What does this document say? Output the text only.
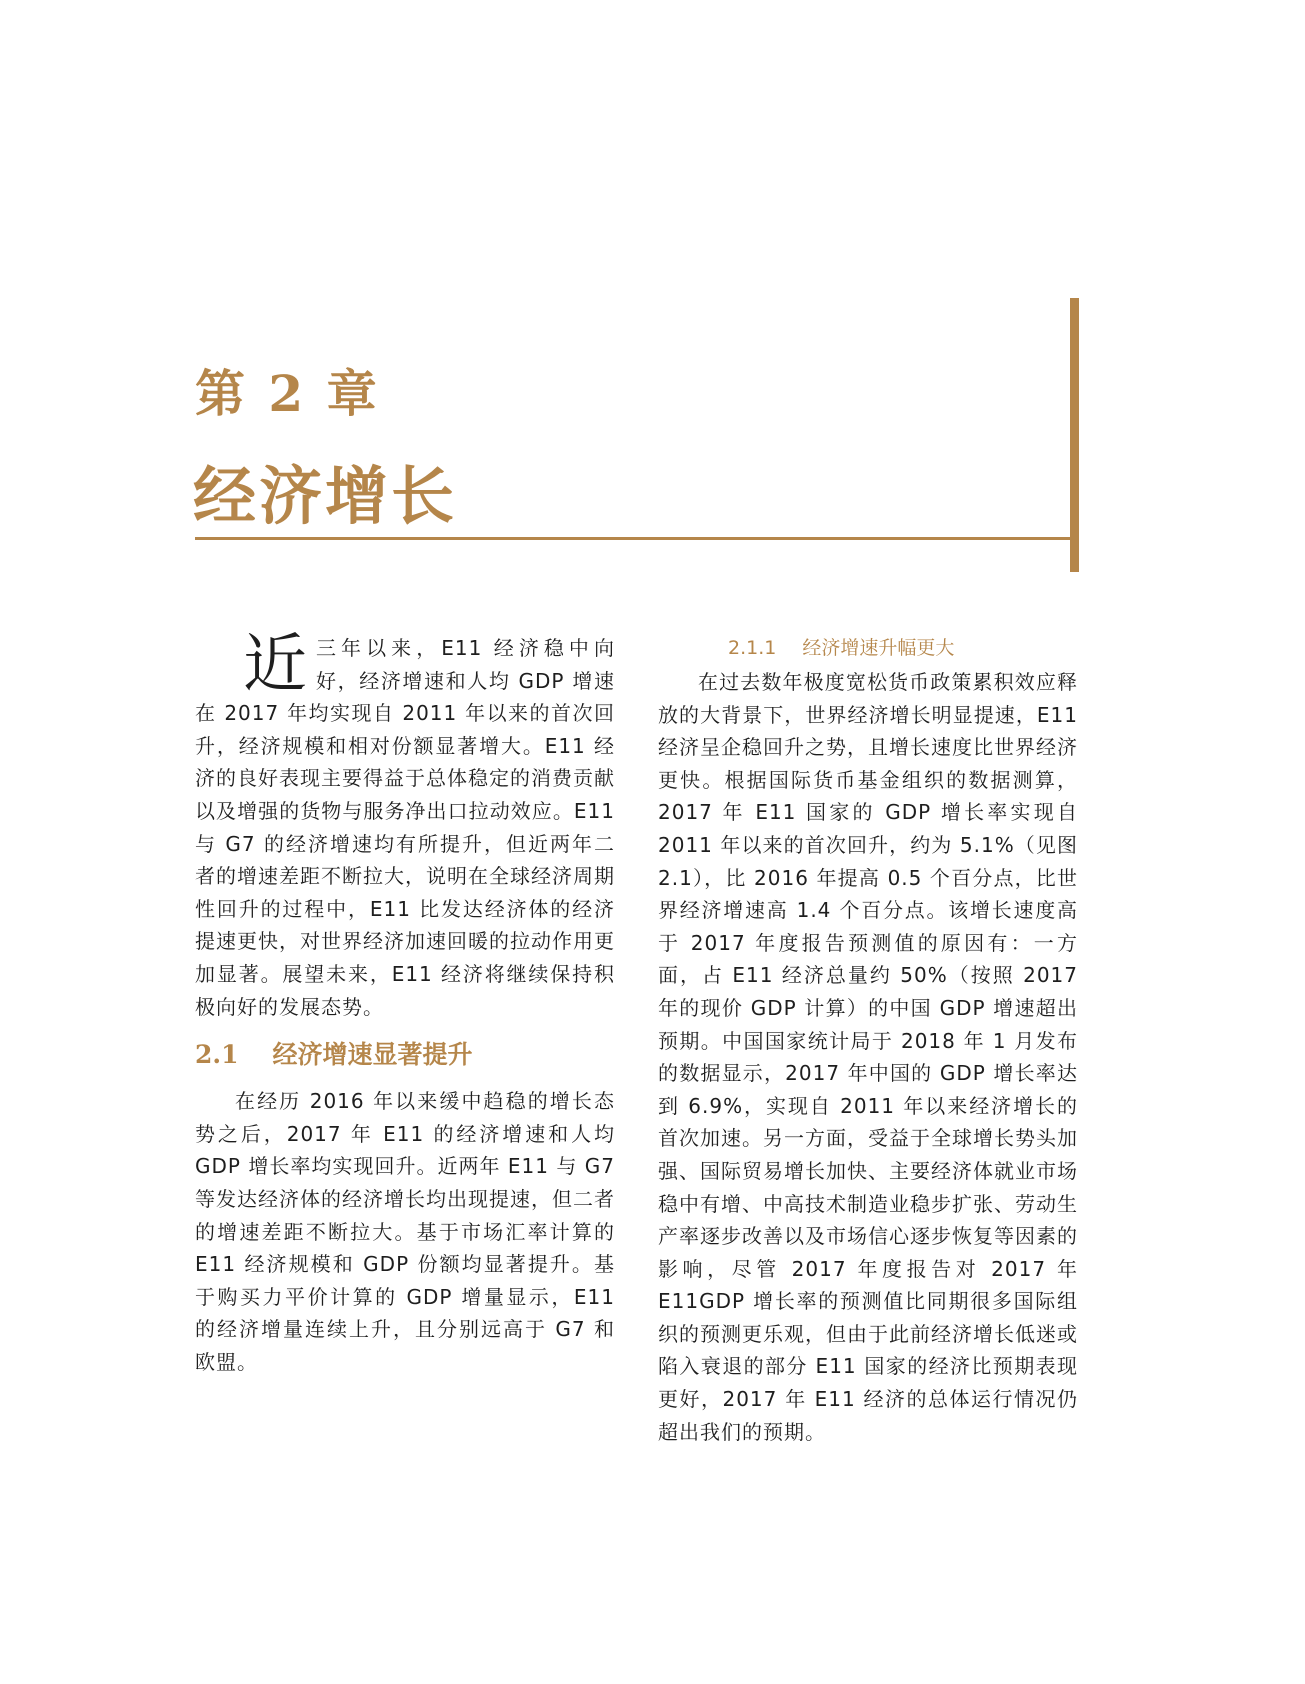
第 2 章
经济增长

近三年以来，E11 经济稳中向好，经济增速和人均 GDP 增速在 2017 年均实现自 2011 年以来的首次回升，经济规模和相对份额显著增大。E11 经济的良好表现主要得益于总体稳定的消费贡献以及增强的货物与服务净出口拉动效应。E11 与 G7 的经济增速均有所提升，但近两年二者的增速差距不断拉大，说明在全球经济周期性回升的过程中，E11 比发达经济体的经济提速更快，对世界经济加速回暖的拉动作用更加显著。展望未来，E11 经济将继续保持积极向好的发展态势。

2.1 经济增速显著提升

在经历 2016 年以来缓中趋稳的增长态势之后，2017 年 E11 的经济增速和人均 GDP 增长率均实现回升。近两年 E11 与 G7 等发达经济体的经济增长均出现提速，但二者的增速差距不断拉大。基于市场汇率计算的 E11 经济规模和 GDP 份额均显著提升。基于购买力平价计算的 GDP 增量显示，E11 的经济增量连续上升，且分别远高于 G7 和欧盟。

2.1.1 经济增速升幅更大

在过去数年极度宽松货币政策累积效应释放的大背景下，世界经济增长明显提速，E11 经济呈企稳回升之势，且增长速度比世界经济更快。根据国际货币基金组织的数据测算，2017 年 E11 国家的 GDP 增长率实现自 2011 年以来的首次回升，约为 5.1%（见图 2.1），比 2016 年提高 0.5 个百分点，比世界经济增速高 1.4 个百分点。该增长速度高于 2017 年度报告预测值的原因有：一方面，占 E11 经济总量约 50%（按照 2017 年的现价 GDP 计算）的中国 GDP 增速超出预期。中国国家统计局于 2018 年 1 月发布的数据显示，2017 年中国的 GDP 增长率达到 6.9%，实现自 2011 年以来经济增长的首次加速。另一方面，受益于全球增长势头加强、国际贸易增长加快、主要经济体就业市场稳中有增、中高技术制造业稳步扩张、劳动生产率逐步改善以及市场信心逐步恢复等因素的影响，尽管 2017 年度报告对 2017 年 E11GDP 增长率的预测值比同期很多国际组织的预测更乐观，但由于此前经济增长低迷或陷入衰退的部分 E11 国家的经济比预期表现更好，2017 年 E11 经济的总体运行情况仍超出我们的预期。
